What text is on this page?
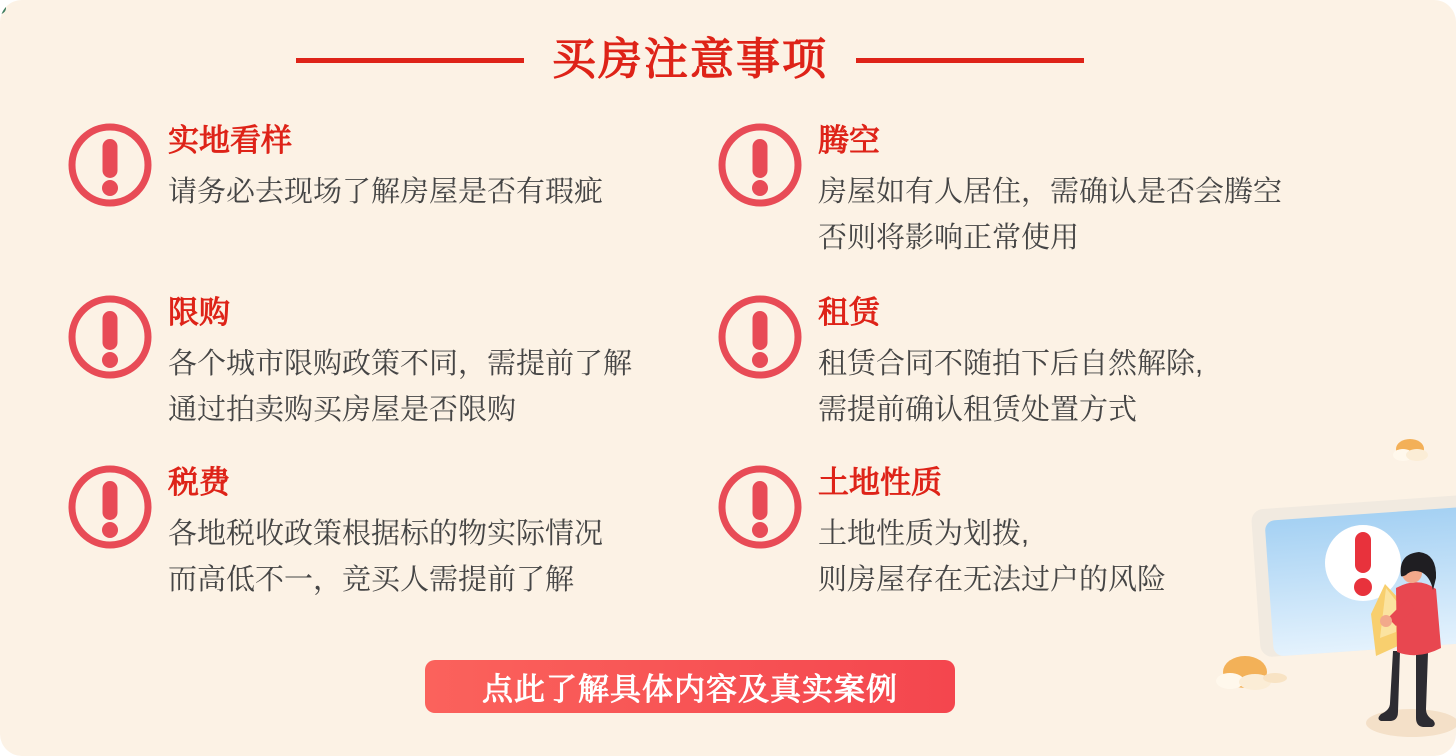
买房注意事项
实地看样

请务必去现场了解房屋是否有瑕疵

限购

各个城市限购政策不同，需提前了解

通过拍卖购买房屋是否限购

税费

各地税收政策根据标的物实际情况

而高低不一，竞买人需提前了解

腾空

房屋如有人居住，需确认是否会腾空

否则将影响正常使用

租赁

租赁合同不随拍下后自然解除,

需提前确认租赁处置方式

土地性质

土地性质为划拨,

则房屋存在无法过户的风险

点此了解具体内容及真实案例
